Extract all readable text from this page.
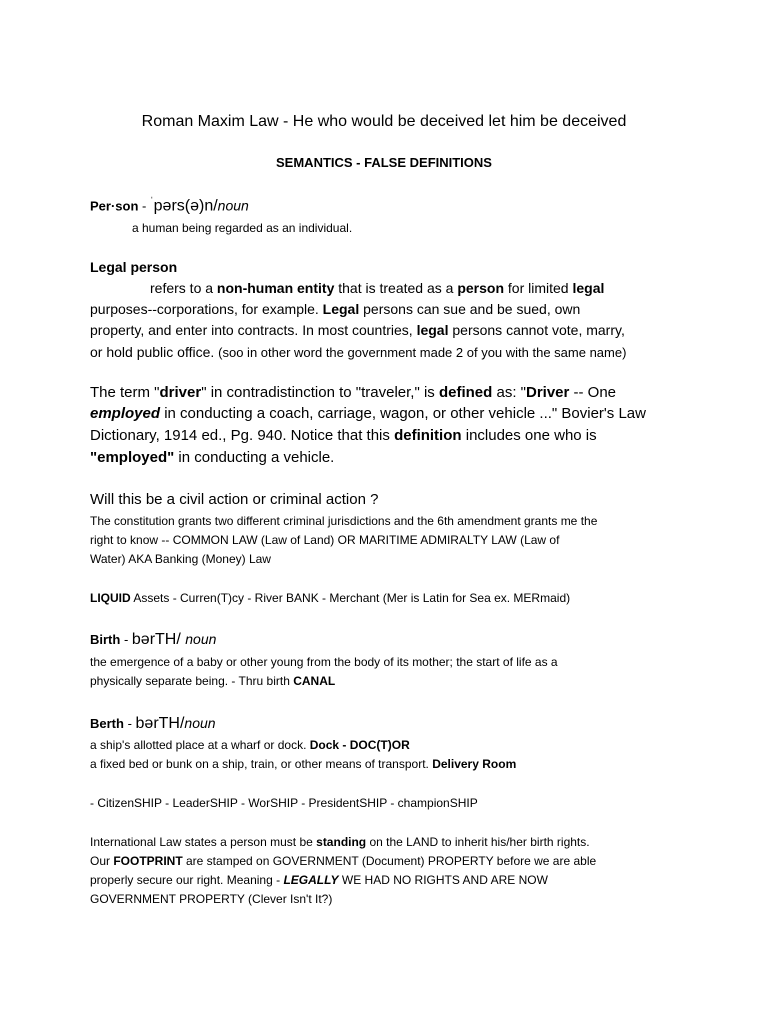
Roman Maxim Law - He who would be deceived let him be deceived
SEMANTICS - FALSE DEFINITIONS
Per·son - $^ˈ$pərs(ə)n/noun
a human being regarded as an individual.
Legal person
refers to a non-human entity that is treated as a person for limited legal
purposes--corporations, for example. Legal persons can sue and be sued, own
property, and enter into contracts. In most countries, legal persons cannot vote, marry,
or hold public office. (soo in other word the government made 2 of you with the same name)
The term "driver" in contradistinction to "traveler," is defined as: "Driver -- One
employed in conducting a coach, carriage, wagon, or other vehicle ..." Bovier's Law
Dictionary, 1914 ed., Pg. 940. Notice that this definition includes one who is
"employed" in conducting a vehicle.
Will this be a civil action or criminal action ?
The constitution grants two different criminal jurisdictions and the 6th amendment grants me the
right to know -- COMMON LAW (Law of Land) OR MARITIME ADMIRALTY LAW (Law of
Water) AKA Banking (Money) Law
LIQUID Assets - Curren(T)cy - River BANK - Merchant (Mer is Latin for Sea ex. MERmaid)
Birth - bərTH/ noun
the emergence of a baby or other young from the body of its mother; the start of life as a
physically separate being. - Thru birth CANAL
Berth - bərTH/noun
a ship's allotted place at a wharf or dock. Dock - DOC(T)OR
a fixed bed or bunk on a ship, train, or other means of transport. Delivery Room
- CitizenSHIP - LeaderSHIP - WorSHIP - PresidentSHIP - championSHIP
International Law states a person must be standing on the LAND to inherit his/her birth rights.
Our FOOTPRINT are stamped on GOVERNMENT (Document) PROPERTY before we are able
properly secure our right. Meaning - LEGALLY WE HAD NO RIGHTS AND ARE NOW
GOVERNMENT PROPERTY (Clever Isn't It?)
